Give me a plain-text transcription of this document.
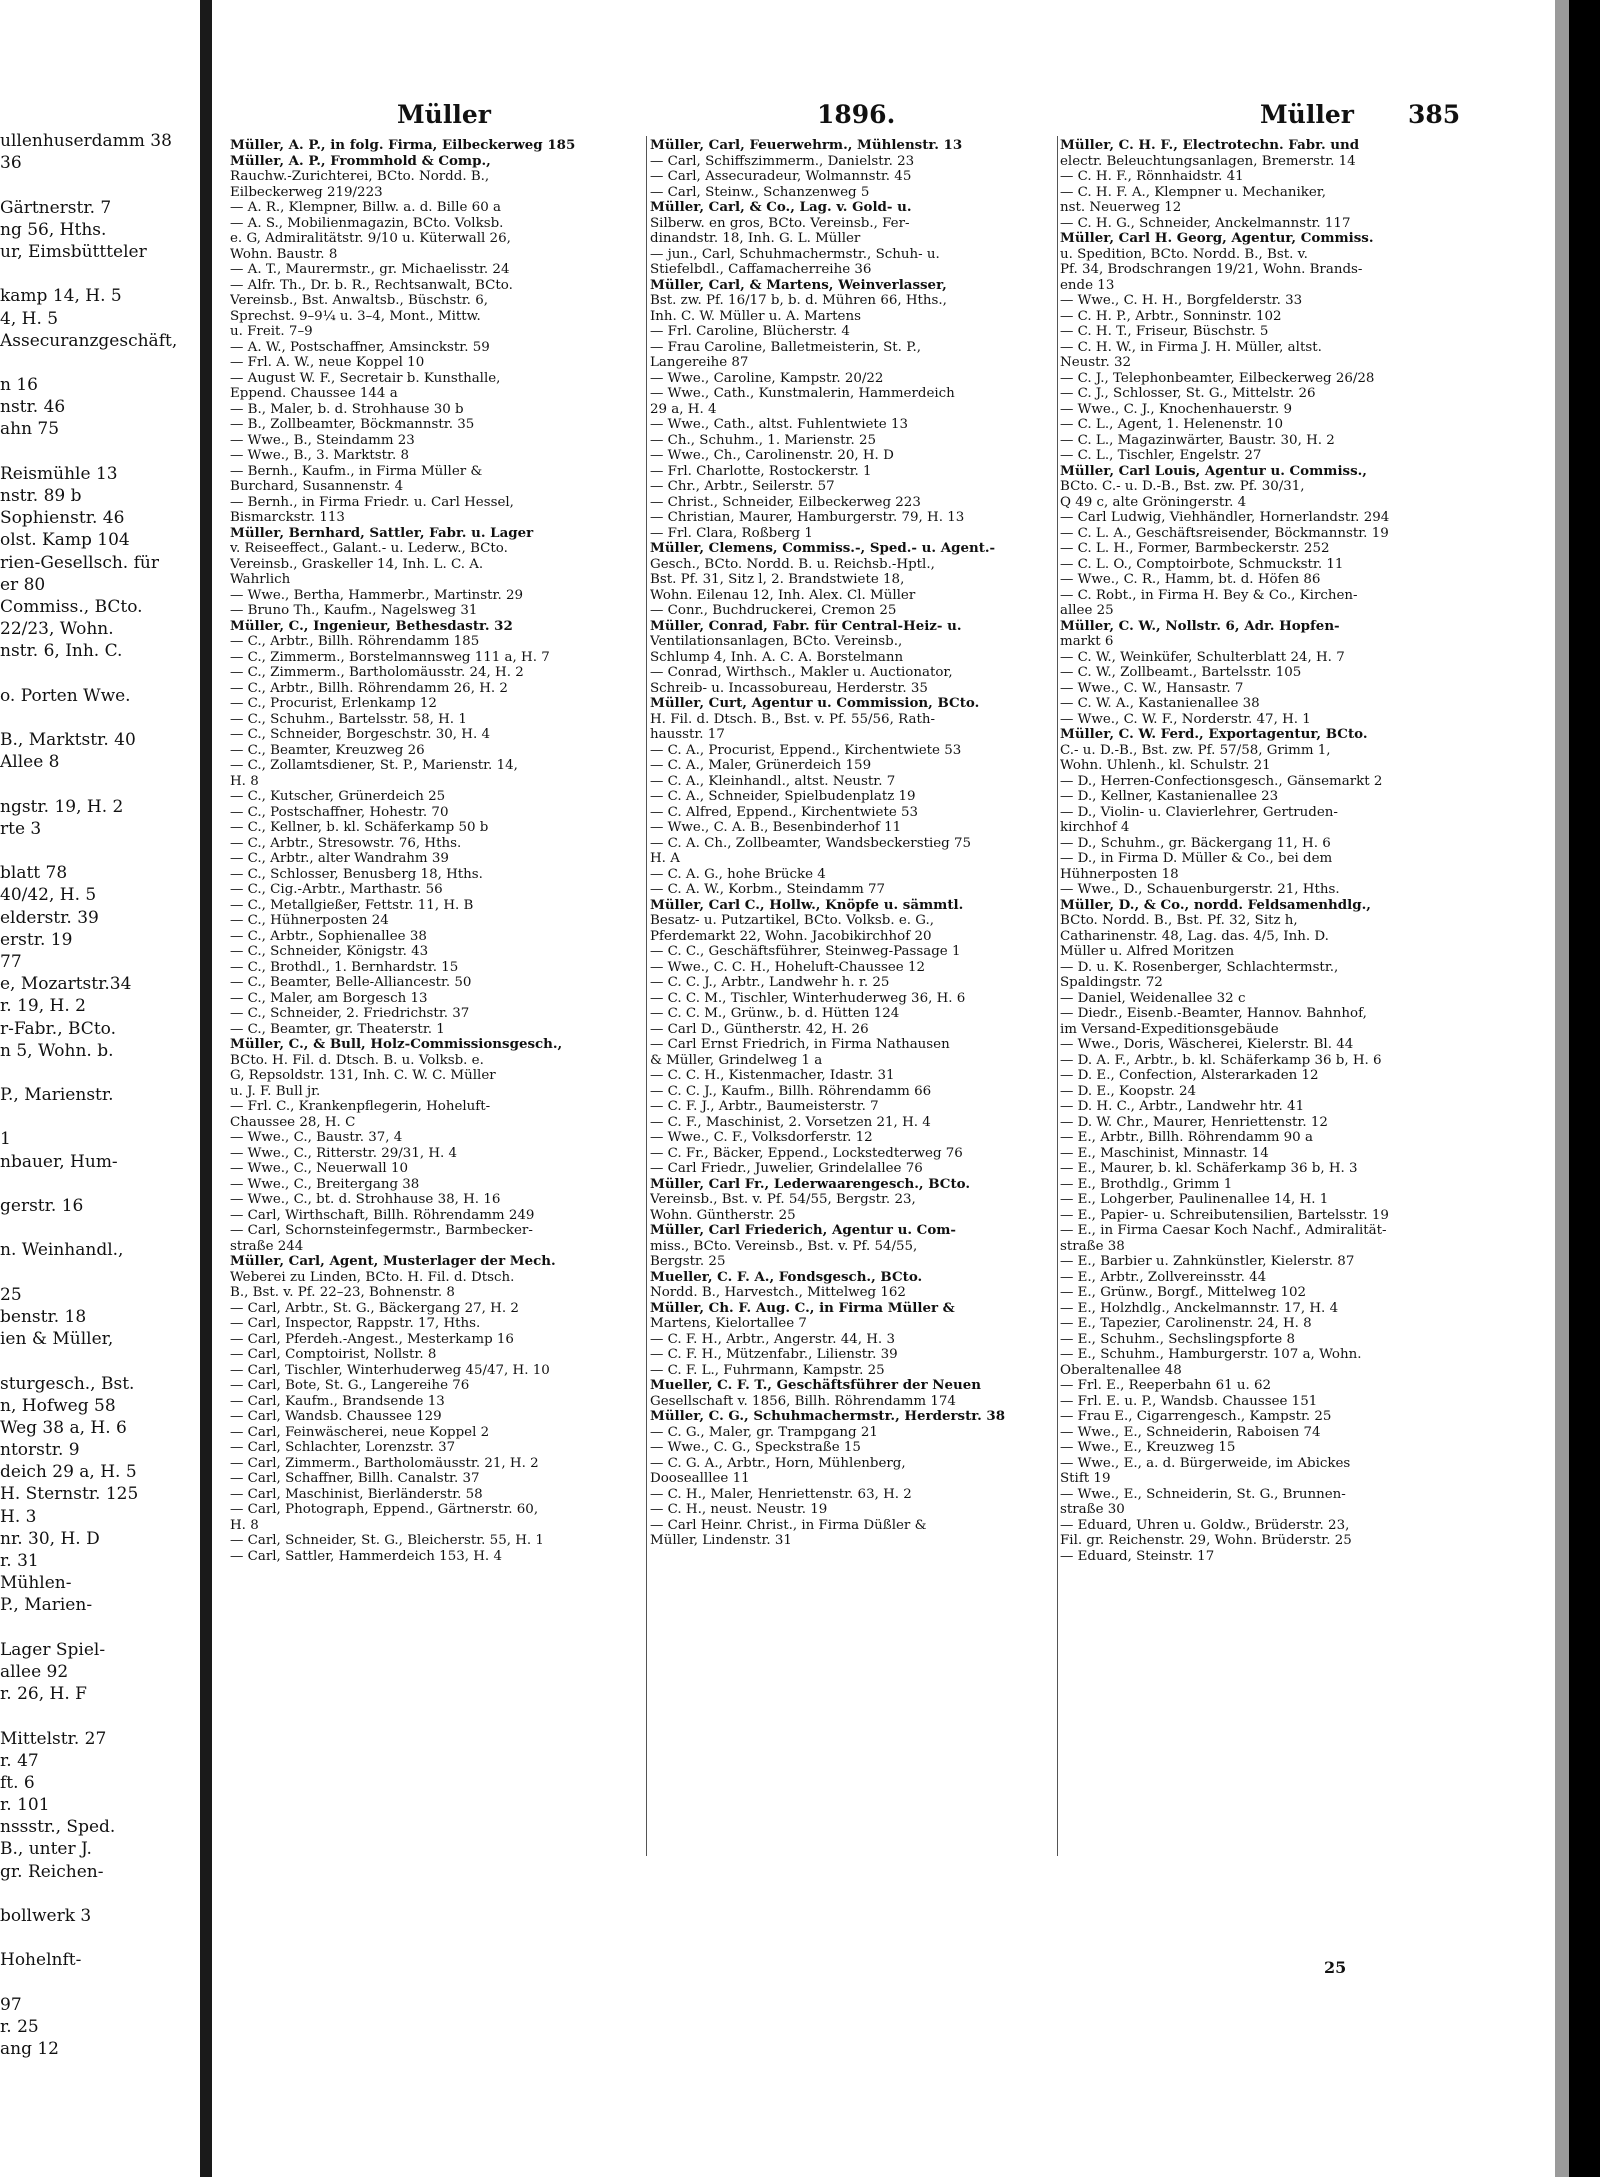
ullenhuserdamm 38
36
Gärtnerstr. 7
ng 56, Hths.
ur, Eimsbüttteler
kamp 14, H. 5
4, H. 5
Assecuranzgeschäft,
n 16
nstr. 46
ahn 75
Reismühle 13
nstr. 89 b
Sophienstr. 46
olst. Kamp 104
rien-Gesellsch. für
er 80
Commiss., BCto.
22/23, Wohn.
nstr. 6, Inh. C.
o. Porten Wwe.
B., Marktstr. 40
Allee 8
ngstr. 19, H. 2
rte 3
blatt 78
40/42, H. 5
elderstr. 39
erstr. 19
77
e, Mozartstr.34
r. 19, H. 2
r-Fabr., BCto.
n 5, Wohn. b.
P., Marienstr.
1
nbauer, Hum-
gerstr. 16
n. Weinhandl.,
25
benstr. 18
ien & Müller,
sturgesch., Bst.
n, Hofweg 58
Weg 38 a, H. 6
ntorstr. 9
deich 29 a, H. 5
H. Sternstr. 125
H. 3
nr. 30, H. D
r. 31
Mühlen-
P., Marien-
Lager Spiel-
allee 92
r. 26, H. F
Mittelstr. 27
r. 47
ft. 6
r. 101
nssstr., Sped.
B., unter J.
gr. Reichen-
bollwerk 3
Hohelnft-
97
r. 25
ang 12
Müller	1896.	Müller 385
Müller, A. P., in folg. Firma, Eilbeckerweg 185
Müller, A. P., Frommhold & Comp.,
Rauchw.-Zurichterei, BCto. Nordd. B.,
Eilbeckerweg 219/223
— A. R., Klempner, Billw. a. d. Bille 60 a
— A. S., Mobilienmagazin, BCto. Volksb.
e. G, Admiralitätstr. 9/10 u. Küterwall 26,
Wohn. Baustr. 8
— A. T., Maurermstr., gr. Michaelisstr. 24
— Alfr. Th., Dr. b. R., Rechtsanwalt, BCto.
Vereinsb., Bst. Anwaltsb., Büschstr. 6,
Sprechst. 9–9¼ u. 3–4, Mont., Mittw.
u. Freit. 7–9
— A. W., Postschaffner, Amsinckstr. 59
— Frl. A. W., neue Koppel 10
— August W. F., Secretair b. Kunsthalle,
Eppend. Chaussee 144 a
— B., Maler, b. d. Strohhause 30 b
— B., Zollbeamter, Böckmannstr. 35
— Wwe., B., Steindamm 23
— Wwe., B., 3. Marktstr. 8
— Bernh., Kaufm., in Firma Müller &
Burchard, Susannenstr. 4
— Bernh., in Firma Friedr. u. Carl Hessel,
Bismarckstr. 113
Müller, Bernhard, Sattler, Fabr. u. Lager
v. Reiseeffect., Galant.- u. Lederw., BCto.
Vereinsb., Graskeller 14, Inh. L. C. A.
Wahrlich
— Wwe., Bertha, Hammerbr., Martinstr. 29
— Bruno Th., Kaufm., Nagelsweg 31
Müller, C., Ingenieur, Bethesdastr. 32
— C., Arbtr., Billh. Röhrendamm 185
— C., Zimmerm., Borstelmannsweg 111 a, H. 7
— C., Zimmerm., Bartholomäusstr. 24, H. 2
— C., Arbtr., Billh. Röhrendamm 26, H. 2
— C., Procurist, Erlenkamp 12
— C., Schuhm., Bartelsstr. 58, H. 1
— C., Schneider, Borgeschstr. 30, H. 4
— C., Beamter, Kreuzweg 26
— C., Zollamtsdiener, St. P., Marienstr. 14,
H. 8
— C., Kutscher, Grünerdeich 25
— C., Postschaffner, Hohestr. 70
— C., Kellner, b. kl. Schäferkamp 50 b
— C., Arbtr., Stresowstr. 76, Hths.
— C., Arbtr., alter Wandrahm 39
— C., Schlosser, Benusberg 18, Hths.
— C., Cig.-Arbtr., Marthastr. 56
— C., Metallgießer, Fettstr. 11, H. B
— C., Hühnerposten 24
— C., Arbtr., Sophienallee 38
— C., Schneider, Königstr. 43
— C., Brothdl., 1. Bernhardstr. 15
— C., Beamter, Belle-Alliancestr. 50
— C., Maler, am Borgesch 13
— C., Schneider, 2. Friedrichstr. 37
— C., Beamter, gr. Theaterstr. 1
Müller, C., & Bull, Holz-Commissionsgesch.,
BCto. H. Fil. d. Dtsch. B. u. Volksb. e.
G, Repsoldstr. 131, Inh. C. W. C. Müller
u. J. F. Bull jr.
— Frl. C., Krankenpflegerin, Hoheluft-
Chaussee 28, H. C
— Wwe., C., Baustr. 37, 4
— Wwe., C., Ritterstr. 29/31, H. 4
— Wwe., C., Neuerwall 10
— Wwe., C., Breitergang 38
— Wwe., C., bt. d. Strohhause 38, H. 16
— Carl, Wirthschaft, Billh. Röhrendamm 249
— Carl, Schornsteinfegermstr., Barmbecker-
straße 244
Müller, Carl, Agent, Musterlager der Mech.
Weberei zu Linden, BCto. H. Fil. d. Dtsch.
B., Bst. v. Pf. 22–23, Bohnenstr. 8
— Carl, Arbtr., St. G., Bäckergang 27, H. 2
— Carl, Inspector, Rappstr. 17, Hths.
— Carl, Pferdeh.-Angest., Mesterkamp 16
— Carl, Comptoirist, Nollstr. 8
— Carl, Tischler, Winterhuderweg 45/47, H. 10
— Carl, Bote, St. G., Langereihe 76
— Carl, Kaufm., Brandsende 13
— Carl, Wandsb. Chaussee 129
— Carl, Feinwäscherei, neue Koppel 2
— Carl, Schlachter, Lorenzstr. 37
— Carl, Zimmerm., Bartholomäusstr. 21, H. 2
— Carl, Schaffner, Billh. Canalstr. 37
— Carl, Maschinist, Bierländerstr. 58
— Carl, Photograph, Eppend., Gärtnerstr. 60,
H. 8
— Carl, Schneider, St. G., Bleicherstr. 55, H. 1
— Carl, Sattler, Hammerdeich 153, H. 4
Müller, Carl, Feuerwehrm., Mühlenstr. 13
— Carl, Schiffszimmerm., Danielstr. 23
— Carl, Assecuradeur, Wolmannstr. 45
— Carl, Steinw., Schanzenweg 5
Müller, Carl, & Co., Lag. v. Gold- u.
Silberw. en gros, BCto. Vereinsb., Fer-
dinandstr. 18, Inh. G. L. Müller
— jun., Carl, Schuhmachermstr., Schuh- u.
Stiefelbdl., Caffamacherreihe 36
Müller, Carl, & Martens, Weinverlasser,
Bst. zw. Pf. 16/17 b, b. d. Mühren 66, Hths.,
Inh. C. W. Müller u. A. Martens
— Frl. Caroline, Blücherstr. 4
— Frau Caroline, Balletmeisterin, St. P.,
Langereihe 87
— Wwe., Caroline, Kampstr. 20/22
— Wwe., Cath., Kunstmalerin, Hammerdeich
29 a, H. 4
— Wwe., Cath., altst. Fuhlentwiete 13
— Ch., Schuhm., 1. Marienstr. 25
— Wwe., Ch., Carolinenstr. 20, H. D
— Frl. Charlotte, Rostockerstr. 1
— Chr., Arbtr., Seilerstr. 57
— Christ., Schneider, Eilbeckerweg 223
— Christian, Maurer, Hamburgerstr. 79, H. 13
— Frl. Clara, Roßberg 1
Müller, Clemens, Commiss.-, Sped.- u. Agent.-
Gesch., BCto. Nordd. B. u. Reichsb.-Hptl.,
Bst. Pf. 31, Sitz l, 2. Brandstwiete 18,
Wohn. Eilenau 12, Inh. Alex. Cl. Müller
— Conr., Buchdruckerei, Cremon 25
Müller, Conrad, Fabr. für Central-Heiz- u.
Ventilationsanlagen, BCto. Vereinsb.,
Schlump 4, Inh. A. C. A. Borstelmann
— Conrad, Wirthsch., Makler u. Auctionator,
Schreib- u. Incassobureau, Herderstr. 35
Müller, Curt, Agentur u. Commission, BCto.
H. Fil. d. Dtsch. B., Bst. v. Pf. 55/56, Rath-
hausstr. 17
— C. A., Procurist, Eppend., Kirchentwiete 53
— C. A., Maler, Grünerdeich 159
— C. A., Kleinhandl., altst. Neustr. 7
— C. A., Schneider, Spielbudenplatz 19
— C. Alfred, Eppend., Kirchentwiete 53
— Wwe., C. A. B., Besenbinderhof 11
— C. A. Ch., Zollbeamter, Wandsbeckerstieg 75
H. A
— C. A. G., hohe Brücke 4
— C. A. W., Korbm., Steindamm 77
Müller, Carl C., Hollw., Knöpfe u. sämmtl.
Besatz- u. Putzartikel, BCto. Volksb. e. G.,
Pferdemarkt 22, Wohn. Jacobikirchhof 20
— C. C., Geschäftsführer, Steinweg-Passage 1
— Wwe., C. C. H., Hoheluft-Chaussee 12
— C. C. J., Arbtr., Landwehr h. r. 25
— C. C. M., Tischler, Winterhuderweg 36, H. 6
— C. C. M., Grünw., b. d. Hütten 124
— Carl D., Güntherstr. 42, H. 26
— Carl Ernst Friedrich, in Firma Nathausen
& Müller, Grindelweg 1 a
— C. C. H., Kistenmacher, Idastr. 31
— C. C. J., Kaufm., Billh. Röhrendamm 66
— C. F. J., Arbtr., Baumeisterstr. 7
— C. F., Maschinist, 2. Vorsetzen 21, H. 4
— Wwe., C. F., Volksdorferstr. 12
— C. Fr., Bäcker, Eppend., Lockstedterweg 76
— Carl Friedr., Juwelier, Grindelallee 76
Müller, Carl Fr., Lederwaarengesch., BCto.
Vereinsb., Bst. v. Pf. 54/55, Bergstr. 23,
Wohn. Güntherstr. 25
Müller, Carl Friederich, Agentur u. Com-
miss., BCto. Vereinsb., Bst. v. Pf. 54/55,
Bergstr. 25
Mueller, C. F. A., Fondsgesch., BCto.
Nordd. B., Harvestch., Mittelweg 162
Müller, Ch. F. Aug. C., in Firma Müller &
Martens, Kielortallee 7
— C. F. H., Arbtr., Angerstr. 44, H. 3
— C. F. H., Mützenfabr., Lilienstr. 39
— C. F. L., Fuhrmann, Kampstr. 25
Mueller, C. F. T., Geschäftsführer der Neuen
Gesellschaft v. 1856, Billh. Röhrendamm 174
Müller, C. G., Schuhmachermstr., Herderstr. 38
— C. G., Maler, gr. Trampgang 21
— Wwe., C. G., Speckstraße 15
— C. G. A., Arbtr., Horn, Mühlenberg,
Doosealllee 11
— C. H., Maler, Henriettenstr. 63, H. 2
— C. H., neust. Neustr. 19
— Carl Heinr. Christ., in Firma Düßler &
Müller, Lindenstr. 31
Müller, C. H. F., Electrotechn. Fabr. und
electr. Beleuchtungsanlagen, Bremerstr. 14
— C. H. F., Rönnhaidstr. 41
— C. H. F. A., Klempner u. Mechaniker,
nst. Neuerweg 12
— C. H. G., Schneider, Anckelmannstr. 117
Müller, Carl H. Georg, Agentur, Commiss.
u. Spedition, BCto. Nordd. B., Bst. v.
Pf. 34, Brodschrangen 19/21, Wohn. Brands-
ende 13
— Wwe., C. H. H., Borgfelderstr. 33
— C. H. P., Arbtr., Sonninstr. 102
— C. H. T., Friseur, Büschstr. 5
— C. H. W., in Firma J. H. Müller, altst.
Neustr. 32
— C. J., Telephonbeamter, Eilbeckerweg 26/28
— C. J., Schlosser, St. G., Mittelstr. 26
— Wwe., C. J., Knochenhauerstr. 9
— C. L., Agent, 1. Helenenstr. 10
— C. L., Magazinwärter, Baustr. 30, H. 2
— C. L., Tischler, Engelstr. 27
Müller, Carl Louis, Agentur u. Commiss.,
BCto. C.- u. D.-B., Bst. zw. Pf. 30/31,
Q 49 c, alte Gröningerstr. 4
— Carl Ludwig, Viehhändler, Hornerlandstr. 294
— C. L. A., Geschäftsreisender, Böckmannstr. 19
— C. L. H., Former, Barmbeckerstr. 252
— C. L. O., Comptoirbote, Schmuckstr. 11
— Wwe., C. R., Hamm, bt. d. Höfen 86
— C. Robt., in Firma H. Bey & Co., Kirchen-
allee 25
Müller, C. W., Nollstr. 6, Adr. Hopfen-
markt 6
— C. W., Weinküfer, Schulterblatt 24, H. 7
— C. W., Zollbeamt., Bartelsstr. 105
— Wwe., C. W., Hansastr. 7
— C. W. A., Kastanienallee 38
— Wwe., C. W. F., Norderstr. 47, H. 1
Müller, C. W. Ferd., Exportagentur, BCto.
C.- u. D.-B., Bst. zw. Pf. 57/58, Grimm 1,
Wohn. Uhlenh., kl. Schulstr. 21
— D., Herren-Confectionsgesch., Gänsemarkt 2
— D., Kellner, Kastanienallee 23
— D., Violin- u. Clavierlehrer, Gertruden-
kirchhof 4
— D., Schuhm., gr. Bäckergang 11, H. 6
— D., in Firma D. Müller & Co., bei dem
Hühnerposten 18
— Wwe., D., Schauenburgerstr. 21, Hths.
Müller, D., & Co., nordd. Feldsamenhdlg.,
BCto. Nordd. B., Bst. Pf. 32, Sitz h,
Catharinenstr. 48, Lag. das. 4/5, Inh. D.
Müller u. Alfred Moritzen
— D. u. K. Rosenberger, Schlachtermstr.,
Spaldingstr. 72
— Daniel, Weidenallee 32 c
— Diedr., Eisenb.-Beamter, Hannov. Bahnhof,
im Versand-Expeditionsgebäude
— Wwe., Doris, Wäscherei, Kielerstr. Bl. 44
— D. A. F., Arbtr., b. kl. Schäferkamp 36 b, H. 6
— D. E., Confection, Alsterarkaden 12
— D. E., Koopstr. 24
— D. H. C., Arbtr., Landwehr htr. 41
— D. W. Chr., Maurer, Henriettenstr. 12
— E., Arbtr., Billh. Röhrendamm 90 a
— E., Maschinist, Minnastr. 14
— E., Maurer, b. kl. Schäferkamp 36 b, H. 3
— E., Brothdlg., Grimm 1
— E., Lohgerber, Paulinenallee 14, H. 1
— E., Papier- u. Schreibutensilien, Bartelsstr. 19
— E., in Firma Caesar Koch Nachf., Admiralität-
straße 38
— E., Barbier u. Zahnkünstler, Kielerstr. 87
— E., Arbtr., Zollvereinsstr. 44
— E., Grünw., Borgf., Mittelweg 102
— E., Holzhdlg., Anckelmannstr. 17, H. 4
— E., Tapezier, Carolinenstr. 24, H. 8
— E., Schuhm., Sechslingspforte 8
— E., Schuhm., Hamburgerstr. 107 a, Wohn.
Oberaltenallee 48
— Frl. E., Reeperbahn 61 u. 62
— Frl. E. u. P., Wandsb. Chaussee 151
— Frau E., Cigarrengesch., Kampstr. 25
— Wwe., E., Schneiderin, Raboisen 74
— Wwe., E., Kreuzweg 15
— Wwe., E., a. d. Bürgerweide, im Abickes
Stift 19
— Wwe., E., Schneiderin, St. G., Brunnen-
straße 30
— Eduard, Uhren u. Goldw., Brüderstr. 23,
Fil. gr. Reichenstr. 29, Wohn. Brüderstr. 25
— Eduard, Steinstr. 17
25
